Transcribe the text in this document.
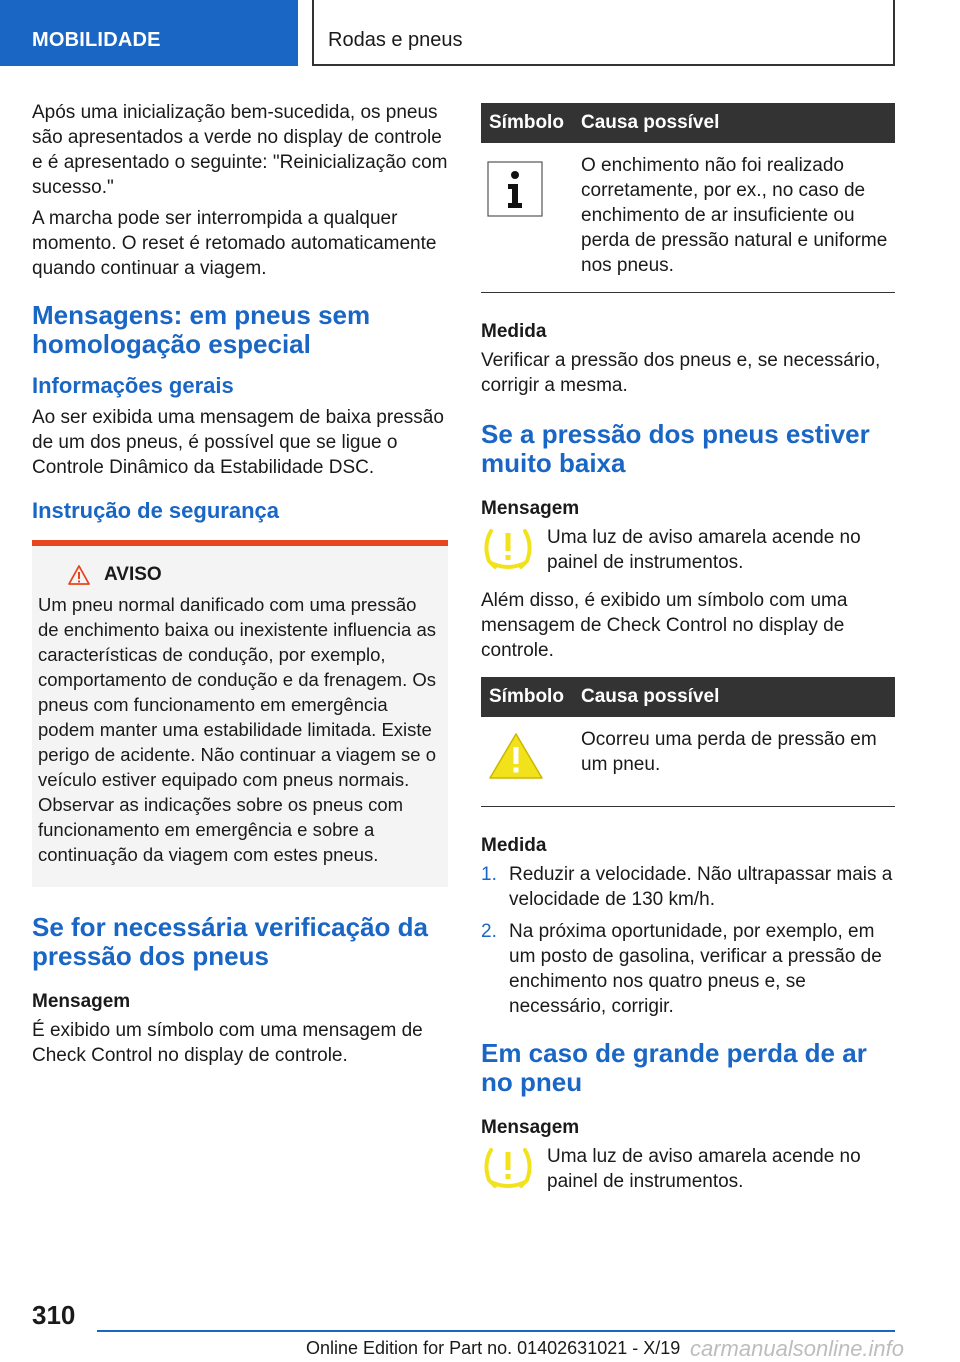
MOBILIDADE	Rodas e pneus

Após uma inicialização bem-sucedida, os pneus são apresentados a verde no display de controle e é apresentado o seguinte: "Reinicialização com sucesso."

A marcha pode ser interrompida a qualquer momento. O reset é retomado automaticamente quando continuar a viagem.

Mensagens: em pneus sem homologação especial
Informações gerais

Ao ser exibida uma mensagem de baixa pressão de um dos pneus, é possível que se ligue o Controle Dinâmico da Estabilidade DSC.

Instrução de segurança
AVISO

Um pneu normal danificado com uma pressão de enchimento baixa ou inexistente influencia as características de condução, por exemplo, comportamento de condução e da frenagem. Os pneus com funcionamento em emergência podem manter uma estabilidade limitada. Existe perigo de acidente. Não continuar a viagem se o veículo estiver equipado com pneus normais. Observar as indicações sobre os pneus com funcionamento em emergência e sobre a continuação da viagem com estes pneus.

Se for necessária verificação da pressão dos pneus
Mensagem

É exibido um símbolo com uma mensagem de Check Control no display de controle.

Símbolo	Causa possível
	O enchimento não foi realizado corretamente, por ex., no caso de enchimento de ar insuficiente ou perda de pressão natural e uniforme nos pneus.
Medida

Verificar a pressão dos pneus e, se necessário, corrigir a mesma.

Se a pressão dos pneus estiver muito baixa
Mensagem
Uma luz de aviso amarela acende no painel de instrumentos.

Além disso, é exibido um símbolo com uma mensagem de Check Control no display de controle.

Símbolo	Causa possível
	Ocorreu uma perda de pressão em um pneu.
Medida
1. Reduzir a velocidade. Não ultrapassar mais a velocidade de 130 km/h.
2. Na próxima oportunidade, por exemplo, em um posto de gasolina, verificar a pressão de enchimento nos quatro pneus e, se necessário, corrigir.
Em caso de grande perda de ar no pneu
Mensagem
Uma luz de aviso amarela acende no painel de instrumentos.
310
Online Edition for Part no. 01402631021 - X/19 carmanualsonline.info
